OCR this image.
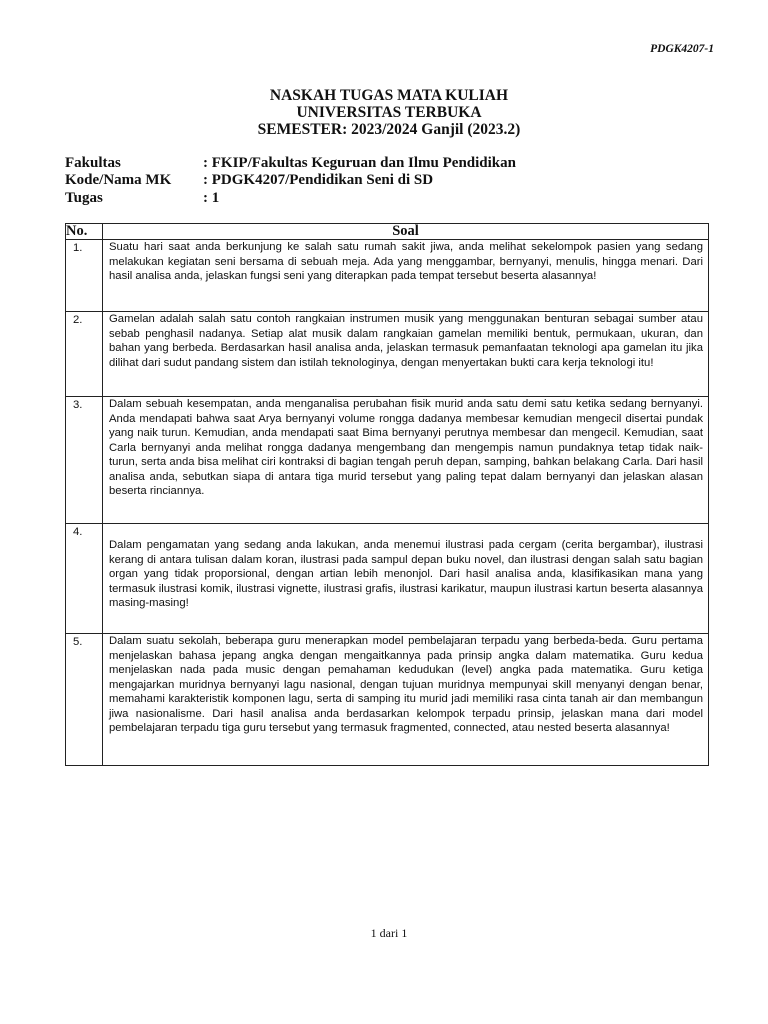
PDGK4207-1
NASKAH TUGAS MATA KULIAH
UNIVERSITAS TERBUKA
SEMESTER: 2023/2024 Ganjil (2023.2)
Fakultas	: FKIP/Fakultas Keguruan dan Ilmu Pendidikan
Kode/Nama MK	: PDGK4207/Pendidikan Seni di SD
Tugas	: 1
No.	Soal
1.	Suatu hari saat anda berkunjung ke salah satu rumah sakit jiwa, anda melihat sekelompok pasien yang sedang melakukan kegiatan seni bersama di sebuah meja. Ada yang menggambar, bernyanyi, menulis, hingga menari. Dari hasil analisa anda, jelaskan fungsi seni yang diterapkan pada tempat tersebut beserta alasannya!
2.	Gamelan adalah salah satu contoh rangkaian instrumen musik yang menggunakan benturan sebagai sumber atau sebab penghasil nadanya. Setiap alat musik dalam rangkaian gamelan memiliki bentuk, permukaan, ukuran, dan bahan yang berbeda. Berdasarkan hasil analisa anda, jelaskan termasuk pemanfaatan teknologi apa gamelan itu jika dilihat dari sudut pandang sistem dan istilah teknologinya, dengan menyertakan bukti cara kerja teknologi itu!
3.	Dalam sebuah kesempatan, anda menganalisa perubahan fisik murid anda satu demi satu ketika sedang bernyanyi. Anda mendapati bahwa saat Arya bernyanyi volume rongga dadanya membesar kemudian mengecil disertai pundak yang naik turun. Kemudian, anda mendapati saat Bima bernyanyi perutnya membesar dan mengecil. Kemudian, saat Carla bernyanyi anda melihat rongga dadanya mengembang dan mengempis namun pundaknya tetap tidak naik-turun, serta anda bisa melihat ciri kontraksi di bagian tengah peruh depan, samping, bahkan belakang Carla. Dari hasil analisa anda, sebutkan siapa di antara tiga murid tersebut yang paling tepat dalam bernyanyi dan jelaskan alasan beserta rinciannya.
4.	Dalam pengamatan yang sedang anda lakukan, anda menemui ilustrasi pada cergam (cerita bergambar), ilustrasi kerang di antara tulisan dalam koran, ilustrasi pada sampul depan buku novel, dan ilustrasi dengan salah satu bagian organ yang tidak proporsional, dengan artian lebih menonjol. Dari hasil analisa anda, klasifikasikan mana yang termasuk ilustrasi komik, ilustrasi vignette, ilustrasi grafis, ilustrasi karikatur, maupun ilustrasi kartun beserta alasannya masing-masing!
5.	Dalam suatu sekolah, beberapa guru menerapkan model pembelajaran terpadu yang berbeda-beda. Guru pertama menjelaskan bahasa jepang angka dengan mengaitkannya pada prinsip angka dalam matematika. Guru kedua menjelaskan nada pada music dengan pemahaman kedudukan (level) angka pada matematika. Guru ketiga mengajarkan muridnya bernyanyi lagu nasional, dengan tujuan muridnya mempunyai skill menyanyi dengan benar, memahami karakteristik komponen lagu, serta di samping itu murid jadi memiliki rasa cinta tanah air dan membangun jiwa nasionalisme. Dari hasil analisa anda berdasarkan kelompok terpadu prinsip, jelaskan mana dari model pembelajaran terpadu tiga guru tersebut yang termasuk fragmented, connected, atau nested beserta alasannya!
1 dari 1
